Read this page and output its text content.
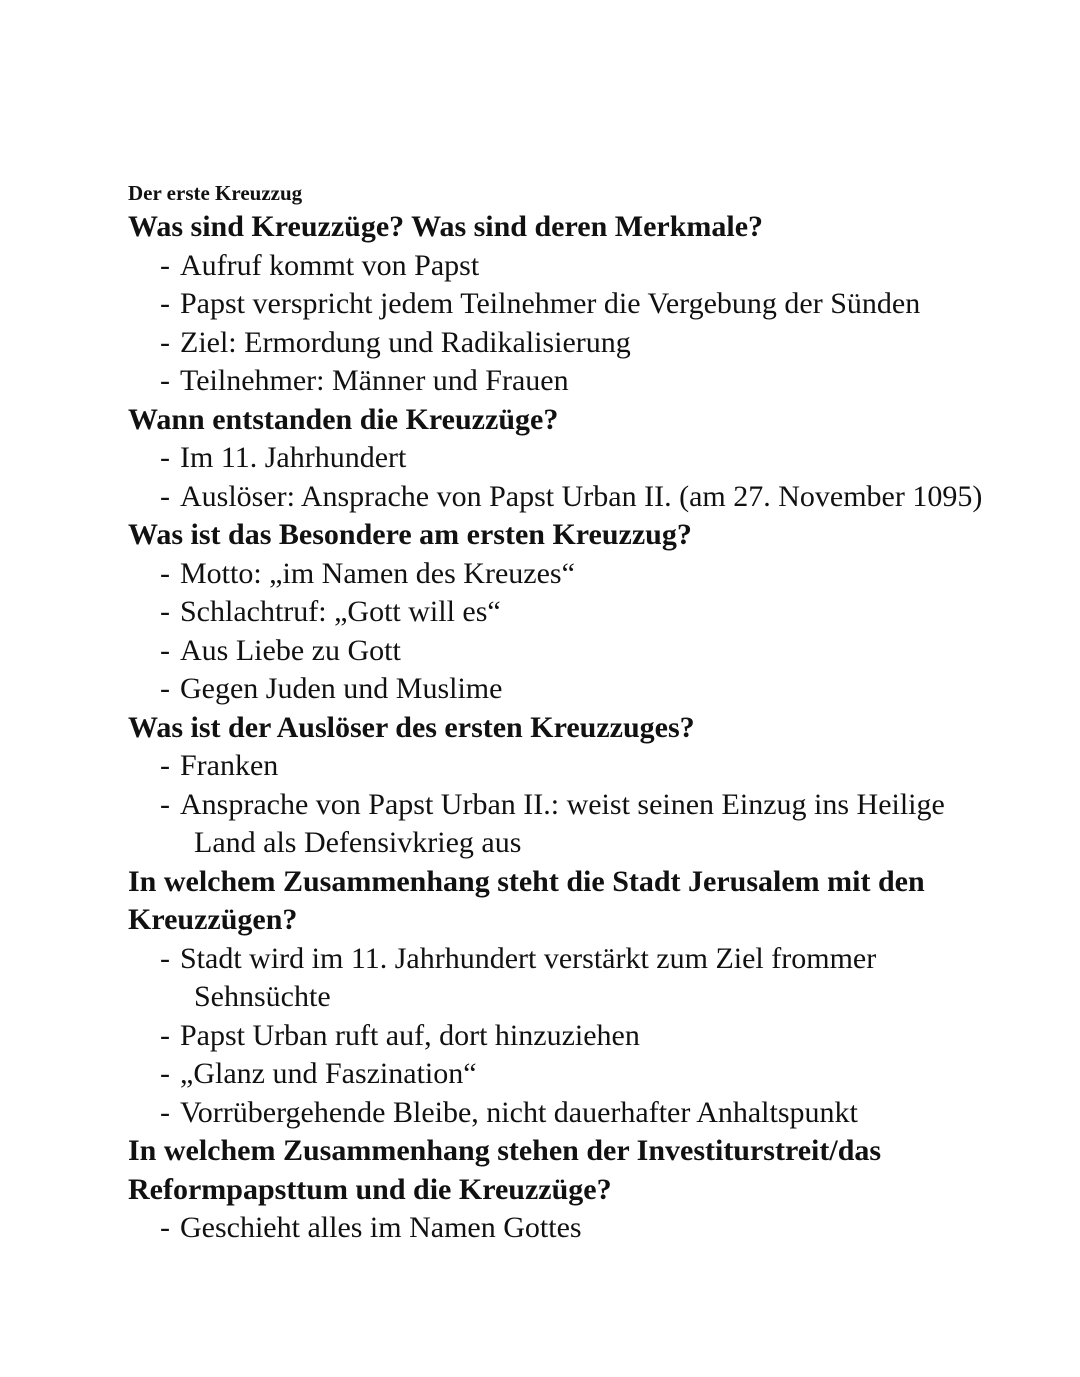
Der erste Kreuzzug
Was sind Kreuzzüge? Was sind deren Merkmale?
- Aufruf kommt von Papst
- Papst verspricht jedem Teilnehmer die Vergebung der Sünden
- Ziel: Ermordung und Radikalisierung
- Teilnehmer: Männer und Frauen
Wann entstanden die Kreuzzüge?
- Im 11. Jahrhundert
- Auslöser: Ansprache von Papst Urban II. (am 27. November 1095)
Was ist das Besondere am ersten Kreuzzug?
- Motto: „im Namen des Kreuzes“
- Schlachtruf: „Gott will es“
- Aus Liebe zu Gott
- Gegen Juden und Muslime
Was ist der Auslöser des ersten Kreuzzuges?
- Franken
- Ansprache von Papst Urban II.: weist seinen Einzug ins Heilige Land als Defensivkrieg aus
In welchem Zusammenhang steht die Stadt Jerusalem mit den Kreuzzügen?
- Stadt wird im 11. Jahrhundert verstärkt zum Ziel frommer Sehnsüchte
- Papst Urban ruft auf, dort hinzuziehen
- „Glanz und Faszination“
- Vorrübergehende Bleibe, nicht dauerhafter Anhaltspunkt
In welchem Zusammenhang stehen der Investiturstreit/das Reformpapsttum und die Kreuzzüge?
- Geschieht alles im Namen Gottes
